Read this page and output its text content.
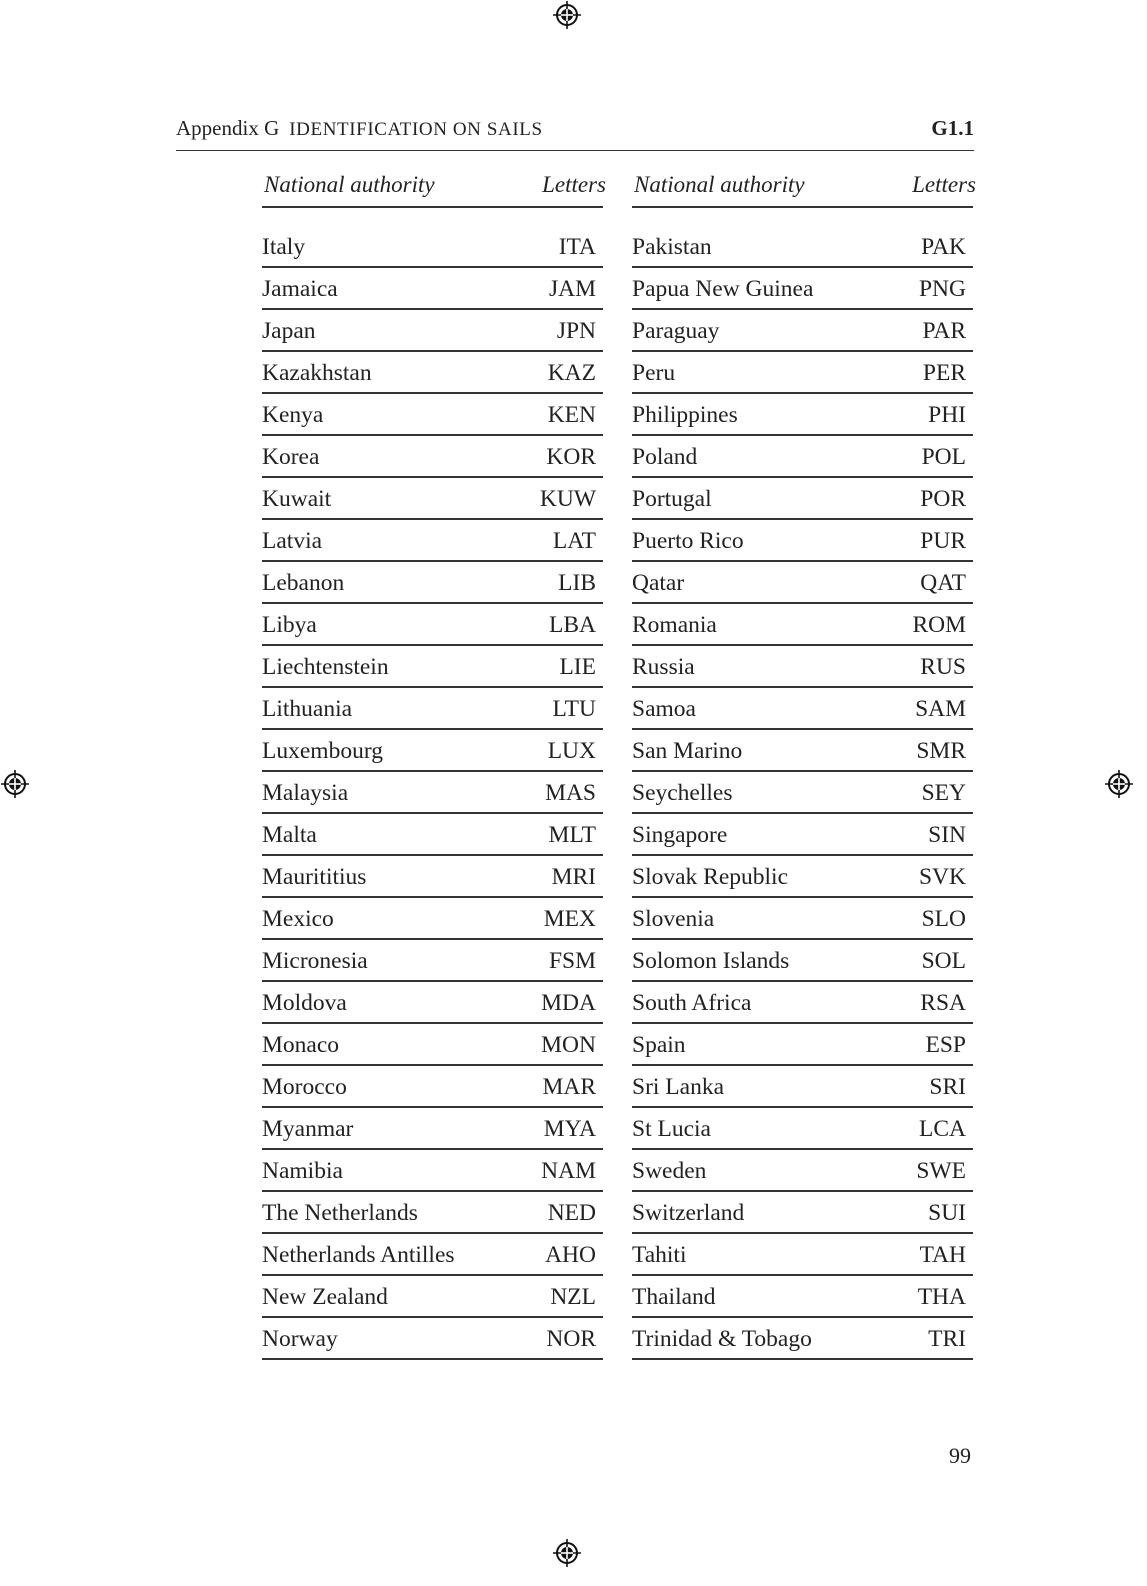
Appendix G IDENTIFICATION ON SAILS	G1.1
National authority	Letters
Italy	ITA
Jamaica	JAM
Japan	JPN
Kazakhstan	KAZ
Kenya	KEN
Korea	KOR
Kuwait	KUW
Latvia	LAT
Lebanon	LIB
Libya	LBA
Liechtenstein	LIE
Lithuania	LTU
Luxembourg	LUX
Malaysia	MAS
Malta	MLT
Maurititius	MRI
Mexico	MEX
Micronesia	FSM
Moldova	MDA
Monaco	MON
Morocco	MAR
Myanmar	MYA
Namibia	NAM
The Netherlands	NED
Netherlands Antilles	AHO
New Zealand	NZL
Norway	NOR
National authority	Letters
Pakistan	PAK
Papua New Guinea	PNG
Paraguay	PAR
Peru	PER
Philippines	PHI
Poland	POL
Portugal	POR
Puerto Rico	PUR
Qatar	QAT
Romania	ROM
Russia	RUS
Samoa	SAM
San Marino	SMR
Seychelles	SEY
Singapore	SIN
Slovak Republic	SVK
Slovenia	SLO
Solomon Islands	SOL
South Africa	RSA
Spain	ESP
Sri Lanka	SRI
St Lucia	LCA
Sweden	SWE
Switzerland	SUI
Tahiti	TAH
Thailand	THA
Trinidad & Tobago	TRI
99
